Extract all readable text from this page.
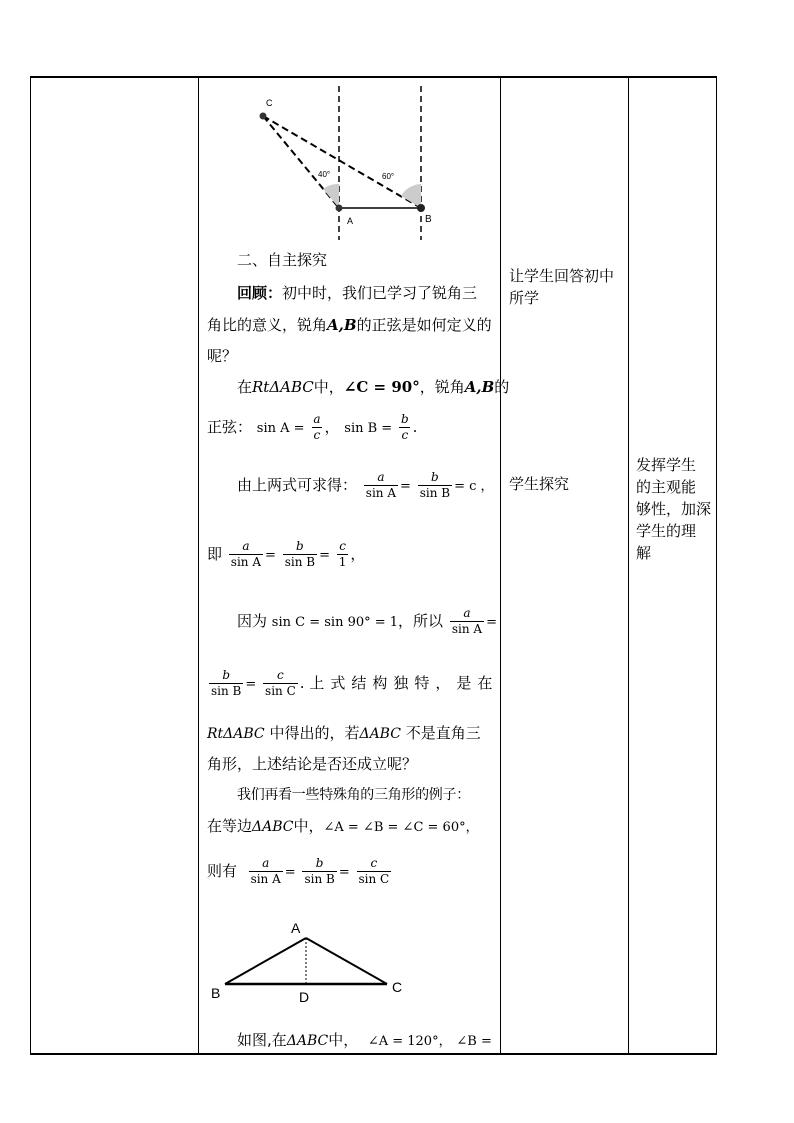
C
A	B
40°	60°
二、自主探究
回顾：初中时，我们已学习了锐角三
角比的意义，锐角A,B的正弦是如何定义的
呢？
在RtΔABC中，∠C = 90°，锐角A,B的
正弦： $\sin A = \frac{a}{c}$ ， $\sin B = \frac{b}{c}$ .
由上两式可求得： $\frac{a}{\text{sin A}} = \frac{b}{\text{sin B}} = c$ ，
即 $\frac{a}{\text{sin A}} = \frac{b}{\text{sin B}} = \frac{c}{1}$ ，
因为 sin C = sin 90° = 1，所以 $\frac{a}{\text{sin A}}$ =
$\frac{b}{\text{sin B}} = \frac{c}{\text{sin C}}$ . 上式结构独特，是在
RtΔABC 中得出的，若ΔABC 不是直角三
角形，上述结论是否还成立呢？
我们再看一些特殊角的三角形的例子：
在等边ΔABC中，∠A = ∠B = ∠C = 60°，
则有 $\frac{a}{\text{sin A}} = \frac{b}{\text{sin B}} = \frac{c}{\text{sin C}}$
A
B	C
D
如图,在ΔABC中， ∠A = 120°， ∠B =
让学生回答初中
所学
学生探究
发挥学生
的主观能
够性，加深
学生的理
解
